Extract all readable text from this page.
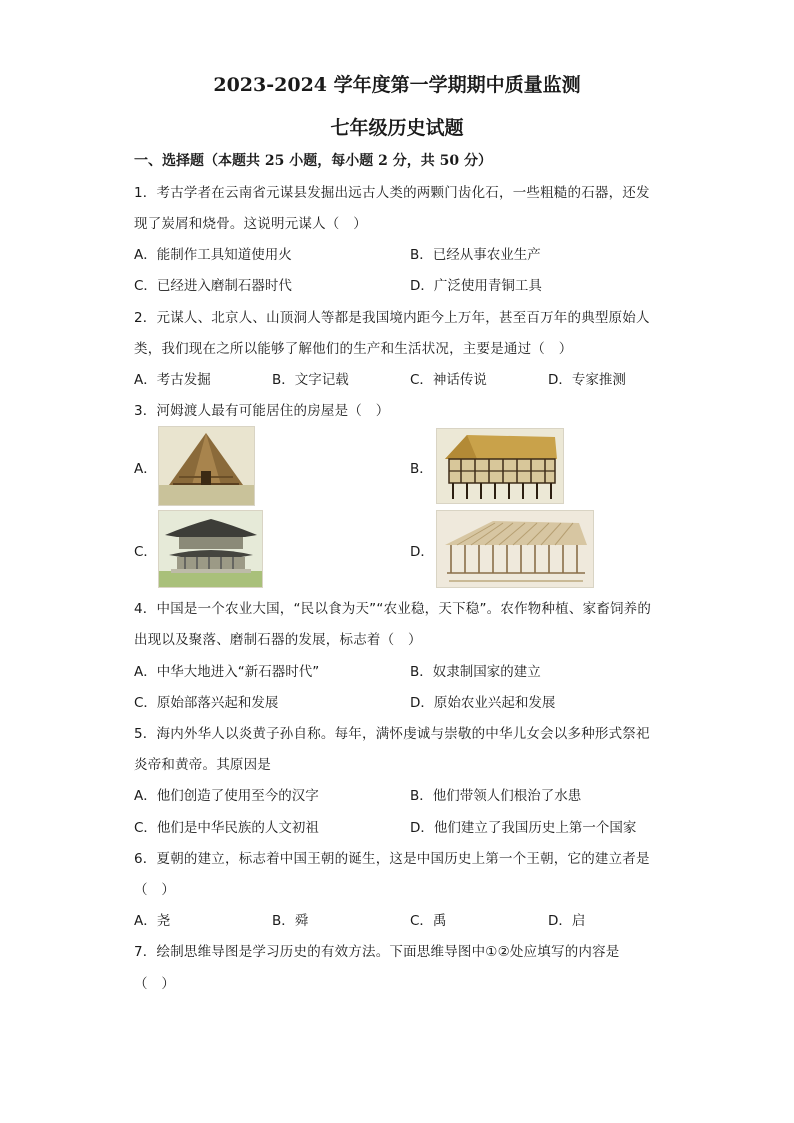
2023-2024 学年度第一学期期中质量监测
七年级历史试题
一、选择题（本题共 25 小题，每小题 2 分，共 50 分）
1．考古学者在云南省元谋县发掘出远古人类的两颗门齿化石，一些粗糙的石器，还发
现了炭屑和烧骨。这说明元谋人（　）
A．能制作工具知道使用火	B．已经从事农业生产
C．已经进入磨制石器时代	D．广泛使用青铜工具
2．元谋人、北京人、山顶洞人等都是我国境内距今上万年，甚至百万年的典型原始人
类，我们现在之所以能够了解他们的生产和生活状况，主要是通过（　）
A．考古发掘	B．文字记载	C．神话传说	D．专家推测
3．河姆渡人最有可能居住的房屋是（　）
A．	B．
C．	D．
4．中国是一个农业大国，“民以食为天”“农业稳，天下稳”。农作物种植、家畜饲养的
出现以及聚落、磨制石器的发展，标志着（　）
A．中华大地进入“新石器时代”	B．奴隶制国家的建立
C．原始部落兴起和发展	D．原始农业兴起和发展
5．海内外华人以炎黄子孙自称。每年，满怀虔诚与崇敬的中华儿女会以多种形式祭祀
炎帝和黄帝。其原因是
A．他们创造了使用至今的汉字	B．他们带领人们根治了水患
C．他们是中华民族的人文初祖	D．他们建立了我国历史上第一个国家
6．夏朝的建立，标志着中国王朝的诞生，这是中国历史上第一个王朝，它的建立者是
（　）
A．尧	B．舜	C．禹	D．启
7．绘制思维导图是学习历史的有效方法。下面思维导图中①②处应填写的内容是
（　）
